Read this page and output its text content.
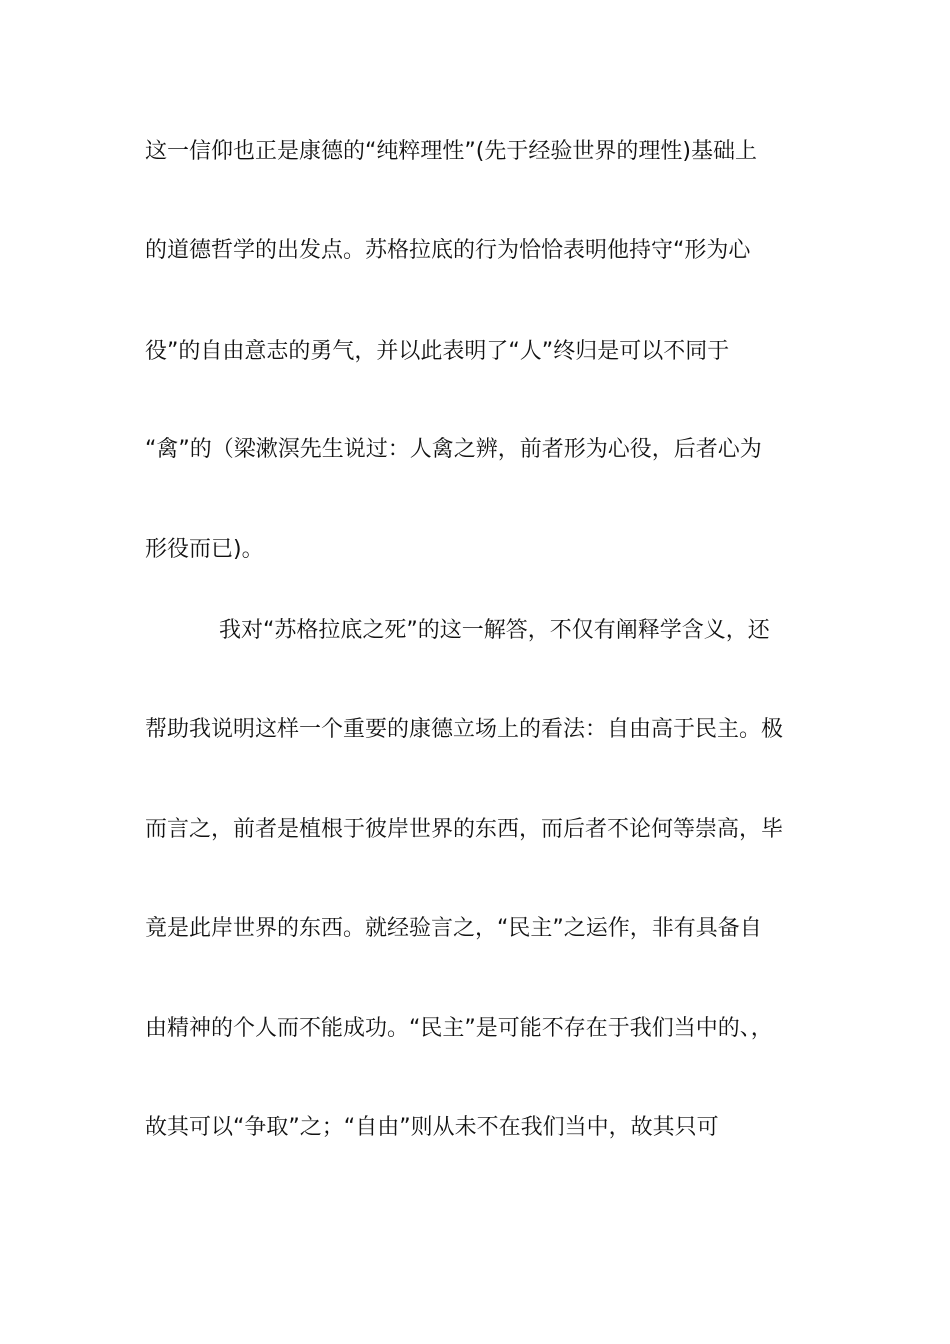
这一信仰也正是康德的“纯粹理性”(先于经验世界的理性)基础上
的道德哲学的出发点。苏格拉底的行为恰恰表明他持守“形为心
役”的自由意志的勇气，并以此表明了“人”终归是可以不同于
“禽”的（梁漱溟先生说过：人禽之辨，前者形为心役，后者心为
形役而已)。
我对“苏格拉底之死”的这一解答，不仅有阐释学含义，还
帮助我说明这样一个重要的康德立场上的看法：自由高于民主。极
而言之，前者是植根于彼岸世界的东西，而后者不论何等崇高，毕
竟是此岸世界的东西。就经验言之，“民主”之运作，非有具备自
由精神的个人而不能成功。“民主”是可能不存在于我们当中的、，
故其可以“争取”之；“自由”则从未不在我们当中，故其只可
